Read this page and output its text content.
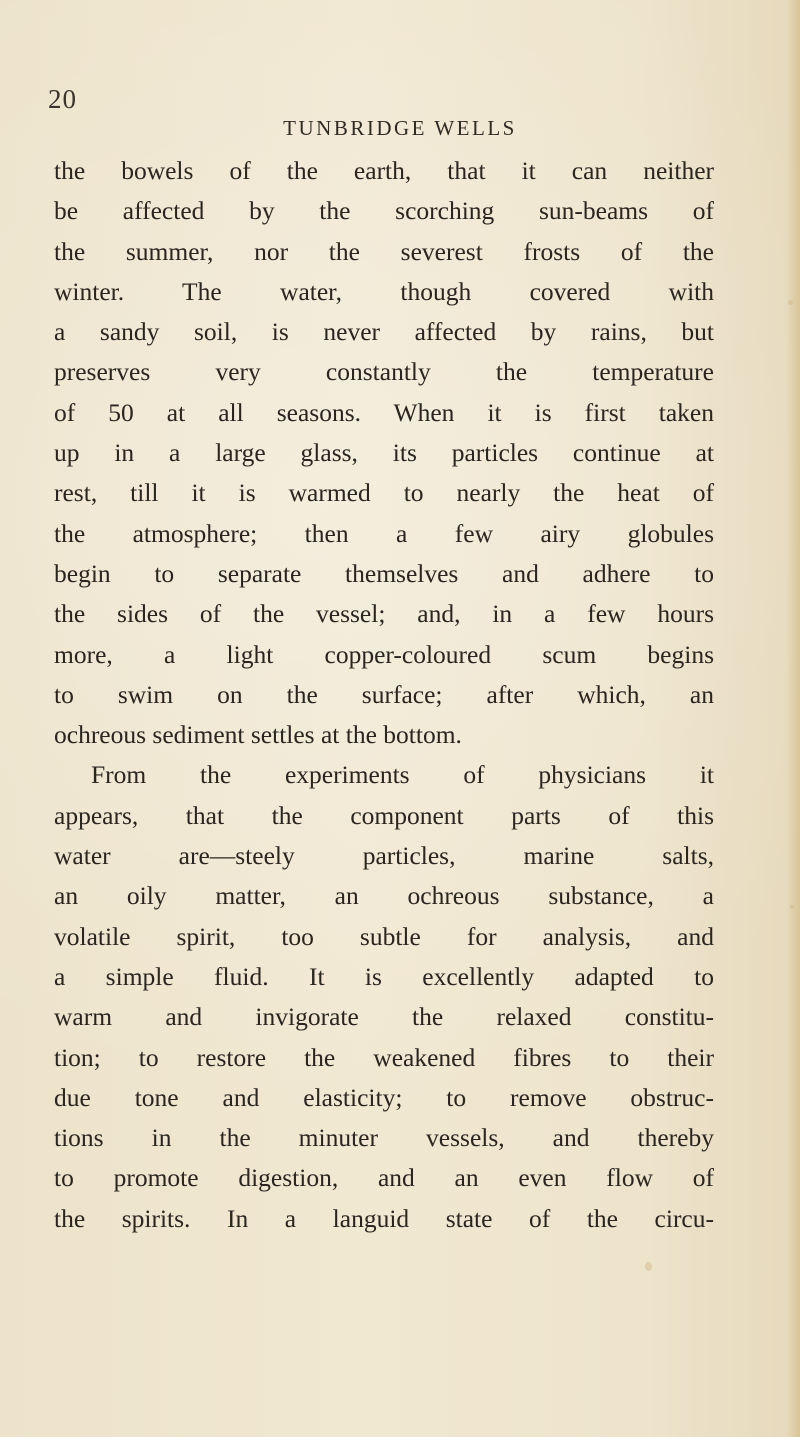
20
TUNBRIDGE WELLS
the bowels of the earth, that it can neither
be affected by the scorching sun-beams of
the summer, nor the severest frosts of the
winter. The water, though covered with
a sandy soil, is never affected by rains, but
preserves very constantly the temperature
of 50 at all seasons. When it is first taken
up in a large glass, its particles continue at
rest, till it is warmed to nearly the heat of
the atmosphere; then a few airy globules
begin to separate themselves and adhere to
the sides of the vessel; and, in a few hours
more, a light copper-coloured scum begins
to swim on the surface; after which, an
ochreous sediment settles at the bottom.
From the experiments of physicians it
appears, that the component parts of this
water are—steely particles, marine salts,
an oily matter, an ochreous substance, a
volatile spirit, too subtle for analysis, and
a simple fluid. It is excellently adapted to
warm and invigorate the relaxed constitu-
tion; to restore the weakened fibres to their
due tone and elasticity; to remove obstruc-
tions in the minuter vessels, and thereby
to promote digestion, and an even flow of
the spirits. In a languid state of the circu-
